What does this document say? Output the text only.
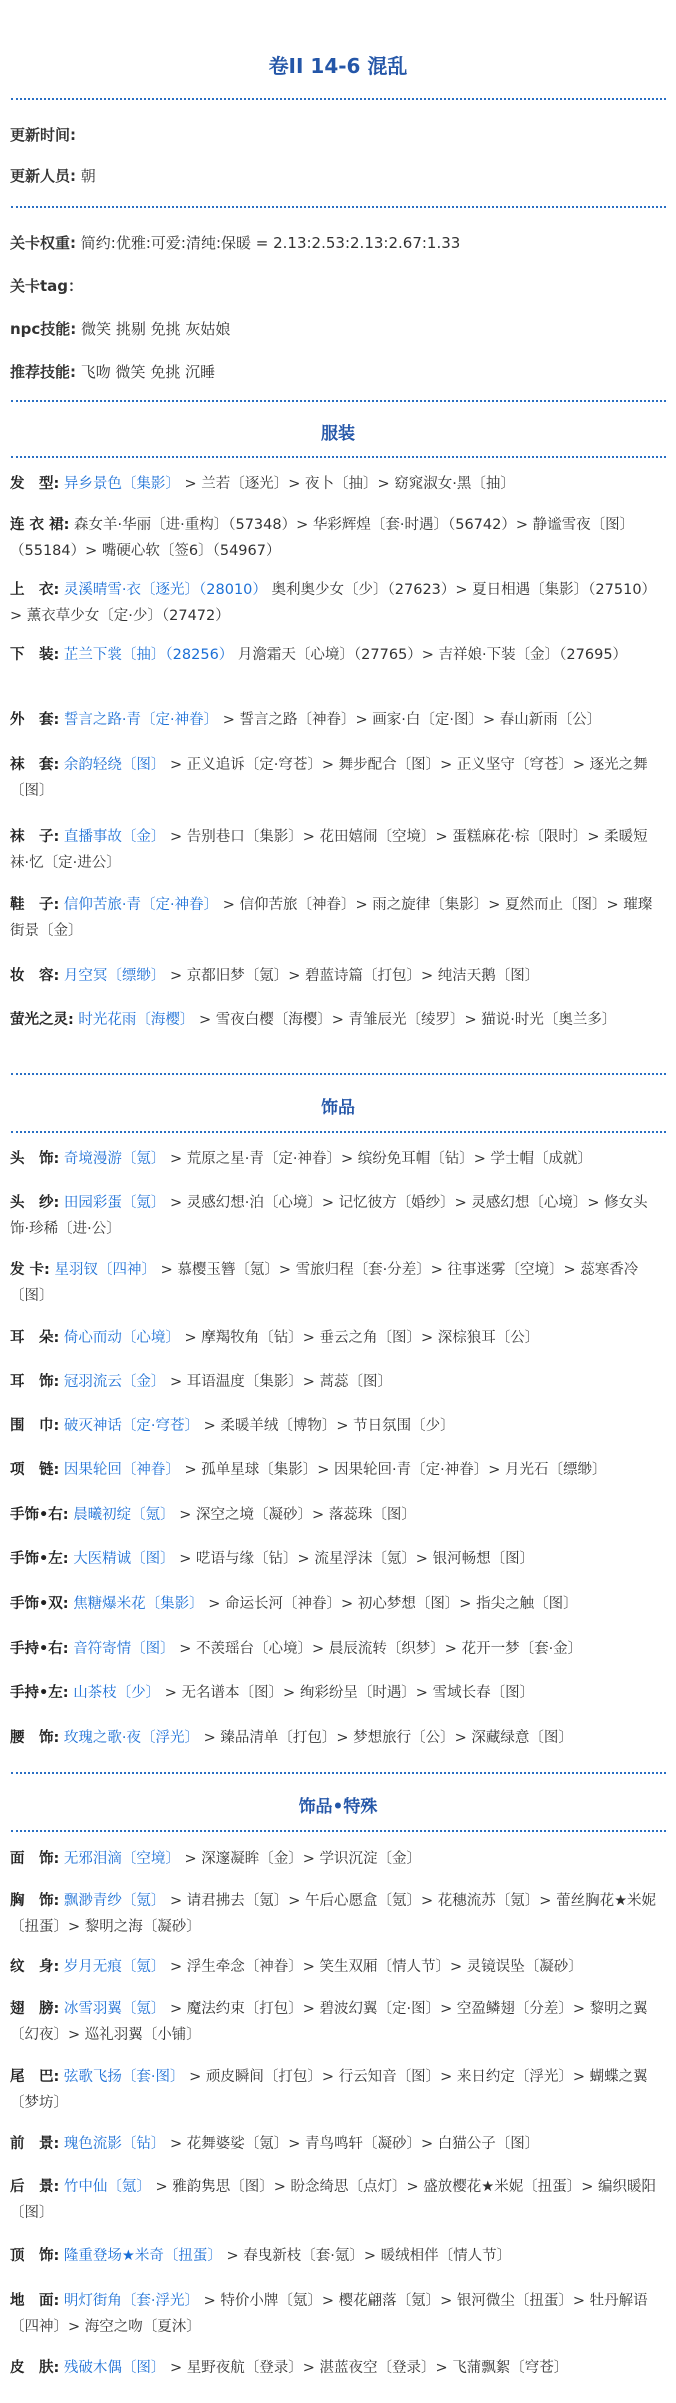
卷II 14-6 混乱
更新时间:
更新人员: 朝
关卡权重: 简约:优雅:可爱:清纯:保暖 = 2.13:2.53:2.13:2.67:1.33
关卡tag：
npc技能: 微笑 挑剔 免挑 灰姑娘
推荐技能: 飞吻 微笑 免挑 沉睡
服装
发　型: 异乡景色〔集影〕 > 兰若〔逐光〕> 夜卜〔抽〕> 窈窕淑女·黑〔抽〕
连 衣 裙: 森女羊·华丽〔进·重构〕（57348）> 华彩辉煌〔套·时遇〕（56742）> 静谧雪夜〔图〕（55184）> 嘴硬心软〔签6〕（54967）
上　衣: 灵溪晴雪·衣〔逐光〕（28010） 奥利奥少女〔少〕（27623）> 夏日相遇〔集影〕（27510）> 薰衣草少女〔定·少〕（27472）
下　装: 芷兰下裳〔抽〕（28256） 月澹霜天〔心境〕（27765）> 吉祥娘·下装〔金〕（27695）
外　套: 誓言之路·青〔定·神眷〕 > 誓言之路〔神眷〕> 画家·白〔定·图〕> 春山新雨〔公〕
袜　套: 余韵轻绕〔图〕 > 正义追诉〔定·穹苍〕> 舞步配合〔图〕> 正义坚守〔穹苍〕> 逐光之舞〔图〕
袜　子: 直播事故〔金〕 > 告别巷口〔集影〕> 花田嬉闹〔空境〕> 蛋糕麻花·棕〔限时〕> 柔暖短袜·忆〔定·进公〕
鞋　子: 信仰苦旅·青〔定·神眷〕 > 信仰苦旅〔神眷〕> 雨之旋律〔集影〕> 夏然而止〔图〕> 璀璨街景〔金〕
妆　容: 月空冥〔缥缈〕 > 京都旧梦〔氪〕> 碧蓝诗篇〔打包〕> 纯洁天鹅〔图〕
萤光之灵: 时光花雨〔海樱〕 > 雪夜白樱〔海樱〕> 青雏辰光〔绫罗〕> 猫说·时光〔奥兰多〕
饰品
头　饰: 奇境漫游〔氪〕 > 荒原之星·青〔定·神眷〕> 缤纷免耳帽〔钻〕> 学士帽〔成就〕
头　纱: 田园彩蛋〔氪〕 > 灵感幻想·泊〔心境〕> 记忆彼方〔婚纱〕> 灵感幻想〔心境〕> 修女头饰·珍稀〔进·公〕
发 卡: 星羽钗〔四神〕 > 慕樱玉簪〔氪〕> 雪旅归程〔套·分差〕> 往事迷雾〔空境〕> 蕊寒香冷〔图〕
耳　朵: 倚心而动〔心境〕 > 摩羯牧角〔钻〕> 垂云之角〔图〕> 深棕狼耳〔公〕
耳　饰: 冠羽流云〔金〕 > 耳语温度〔集影〕> 蒿蕊〔图〕
围　巾: 破灭神话〔定·穹苍〕 > 柔暖羊绒〔博物〕> 节日氛围〔少〕
项　链: 因果轮回〔神眷〕 > 孤单星球〔集影〕> 因果轮回·青〔定·神眷〕> 月光石〔缥缈〕
手饰•右: 晨曦初绽〔氪〕 > 深空之境〔凝砂〕> 落蕊珠〔图〕
手饰•左: 大医精诚〔图〕 > 呓语与缘〔钻〕> 流星浮沫〔氪〕> 银河畅想〔图〕
手饰•双: 焦糖爆米花〔集影〕 > 命运长河〔神眷〕> 初心梦想〔图〕> 指尖之触〔图〕
手持•右: 音符寄情〔图〕 > 不羡瑶台〔心境〕> 晨辰流转〔织梦〕> 花开一梦〔套·金〕
手持•左: 山茶枝〔少〕 > 无名谱本〔图〕> 绚彩纷呈〔时遇〕> 雪域长春〔图〕
腰　饰: 玫瑰之歌·夜〔浮光〕 > 臻品清单〔打包〕> 梦想旅行〔公〕> 深藏绿意〔图〕
饰品•特殊
面　饰: 无邪泪滴〔空境〕 > 深邃凝眸〔金〕> 学识沉淀〔金〕
胸　饰: 飘渺青纱〔氪〕 > 请君拂去〔氪〕> 午后心愿盒〔氪〕> 花穗流苏〔氪〕> 蕾丝胸花★米妮〔扭蛋〕> 黎明之海〔凝砂〕
纹　身: 岁月无痕〔氪〕 > 浮生牵念〔神眷〕> 笑生双厢〔情人节〕> 灵镜误坠〔凝砂〕
翅　膀: 冰雪羽翼〔氪〕 > 魔法约束〔打包〕> 碧波幻翼〔定·图〕> 空盈鳞翅〔分差〕> 黎明之翼〔幻夜〕> 巡礼羽翼〔小铺〕
尾　巴: 弦歌飞扬〔套·图〕 > 顽皮瞬间〔打包〕> 行云知音〔图〕> 来日约定〔浮光〕> 蝴蝶之翼〔梦坊〕
前　景: 瑰色流影〔钻〕 > 花舞婆娑〔氪〕> 青鸟鸣轩〔凝砂〕> 白猫公子〔图〕
后　景: 竹中仙〔氪〕 > 雅韵隽思〔图〕> 盼念绮思〔点灯〕> 盛放樱花★米妮〔扭蛋〕> 编织暖阳〔图〕
顶　饰: 隆重登场★米奇〔扭蛋〕 > 春曳新枝〔套·氪〕> 暖绒相伴〔情人节〕
地　面: 明灯街角〔套·浮光〕 > 特价小牌〔氪〕> 樱花翩落〔氪〕> 银河微尘〔扭蛋〕> 牡丹解语〔四神〕> 海空之吻〔夏沐〕
皮　肤: 残破木偶〔图〕 > 星野夜航〔登录〕> 湛蓝夜空〔登录〕> 飞蒲飘絮〔穹苍〕
